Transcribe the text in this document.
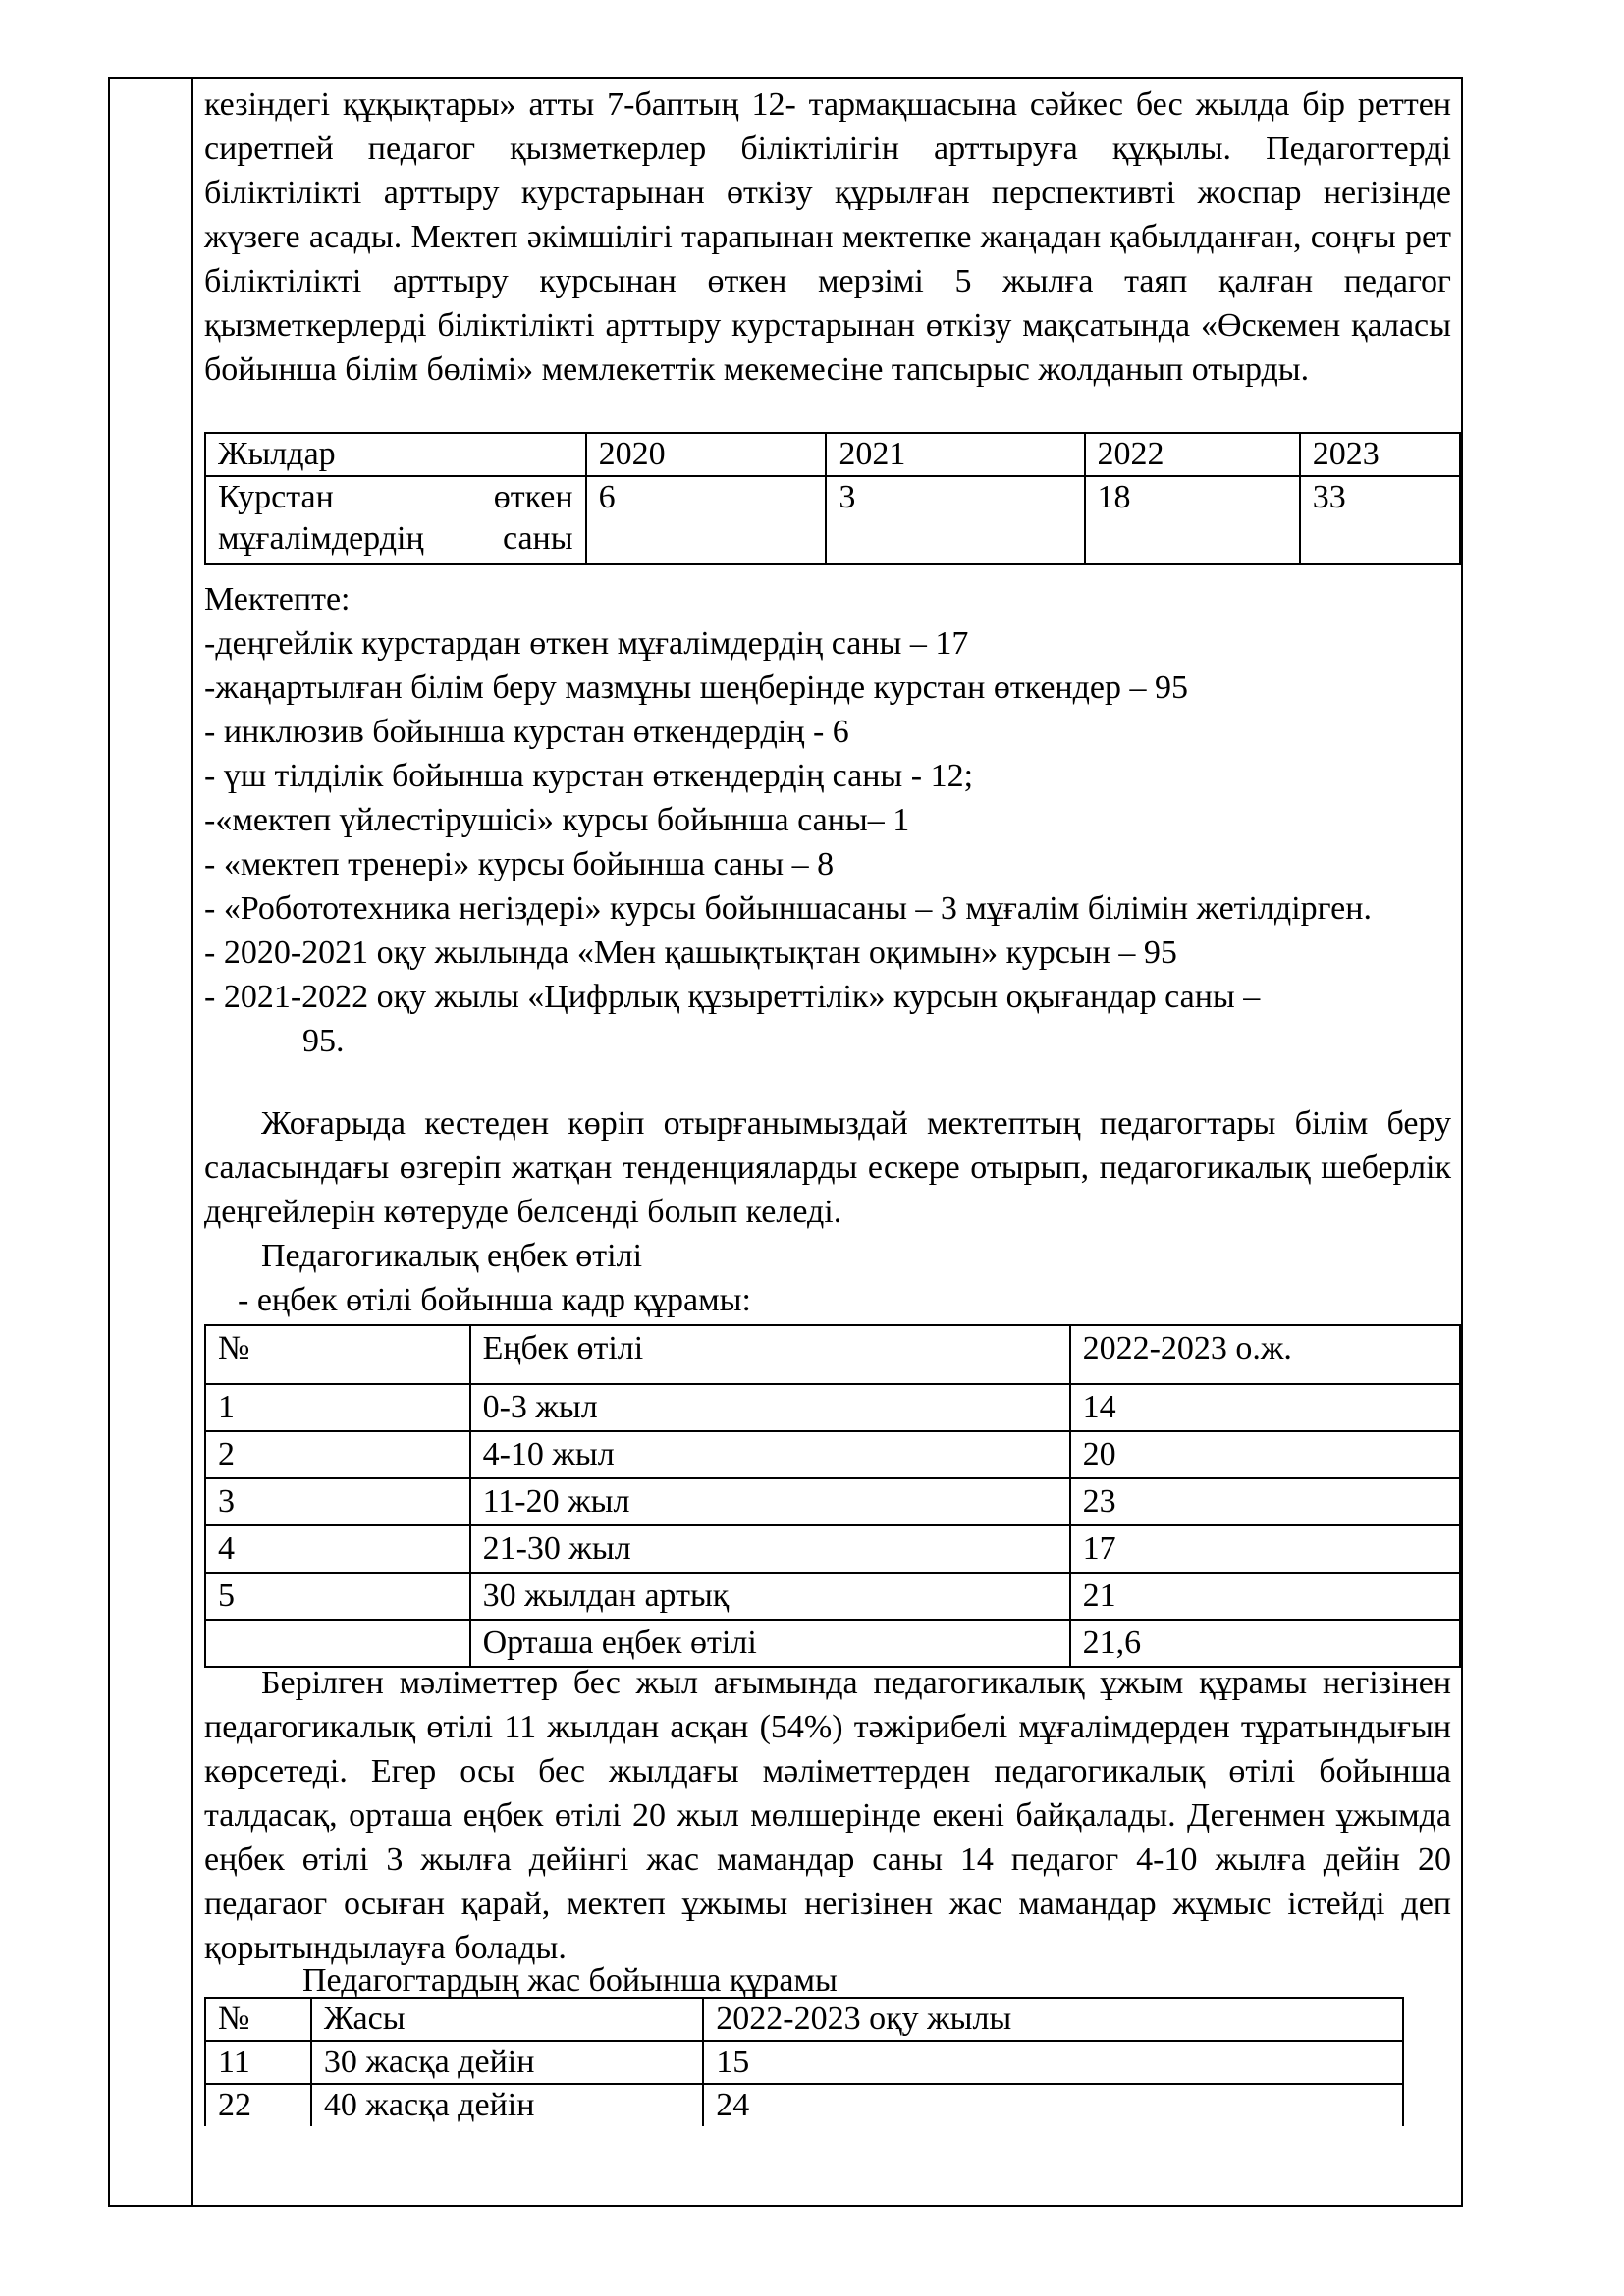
кезіндегі құқықтары» атты 7-баптың 12- тармақшасына сәйкес бес жылда бір реттен сиретпей педагог қызметкерлер біліктілігін арттыруға құқылы. Педагогтерді біліктілікті арттыру курстарынан өткізу құрылған перспективті жоспар негізінде жүзеге асады. Мектеп әкімшілігі тарапынан мектепке жаңадан қабылданған, соңғы рет біліктілікті арттыру курсынан өткен мерзімі 5 жылға таяп қалған педагог қызметкерлерді біліктілікті арттыру курстарынан өткізу мақсатында «Өскемен қаласы бойынша білім бөлімі» мемлекеттік мекемесіне тапсырыс жолданып отырды.

Жылдар	2020	2021	2022	2023
Курстан өткен мұғалімдердің саны	6	3	18	33

Мектепте:

-деңгейлік курстардан өткен мұғалімдердің саны – 17

-жаңартылған білім беру мазмұны шеңберінде курстан өткендер – 95

- инклюзив бойынша курстан өткендердің - 6

- үш тілділік бойынша курстан өткендердің саны - 12;

-«мектеп үйлестірушісі» курсы бойынша саны– 1

- «мектеп тренері» курсы бойынша саны – 8

- «Робототехника негіздері» курсы бойыншасаны – 3 мұғалім білімін жетілдірген.

- 2020-2021 оқу жылында «Мен қашықтықтан оқимын» курсын – 95

- 2021-2022 оқу жылы «Цифрлық құзыреттілік» курсын оқығандар саны –

95.

Жоғарыда кестеден көріп отырғанымыздай мектептың педагогтары білім беру саласындағы өзгеріп жатқан тенденцияларды ескере отырып, педагогикалық шеберлік деңгейлерін көтеруде белсенді болып келеді.

Педагогикалық еңбек өтілі

- еңбек өтілі бойынша кадр құрамы:

№	Еңбек өтілі	2022-2023 о.ж.
1	0-3 жыл	14
2	4-10 жыл	20
3	11-20 жыл	23
4	21-30 жыл	17
5	30 жылдан артық	21
	Орташа еңбек өтілі	21,6

Берілген мәліметтер бес жыл ағымында педагогикалық ұжым құрамы негізінен педагогикалық өтілі 11 жылдан асқан (54%) тәжірибелі мұғалімдерден тұратындығын көрсетеді. Егер осы бес жылдағы мәліметтерден педагогикалық өтілі бойынша талдасақ, орташа еңбек өтілі 20 жыл мөлшерінде екені байқалады. Дегенмен ұжымда еңбек өтілі 3 жылға дейінгі жас мамандар саны 14 педагог 4-10 жылға дейін 20 педагаог осыған қарай, мектеп ұжымы негізінен жас мамандар жұмыс істейді деп қорытындылауға болады.

Педагогтардың жас бойынша құрамы
№	Жасы	2022-2023 оқу жылы
11	30 жасқа дейін	15
22	40 жасқа дейін	24
